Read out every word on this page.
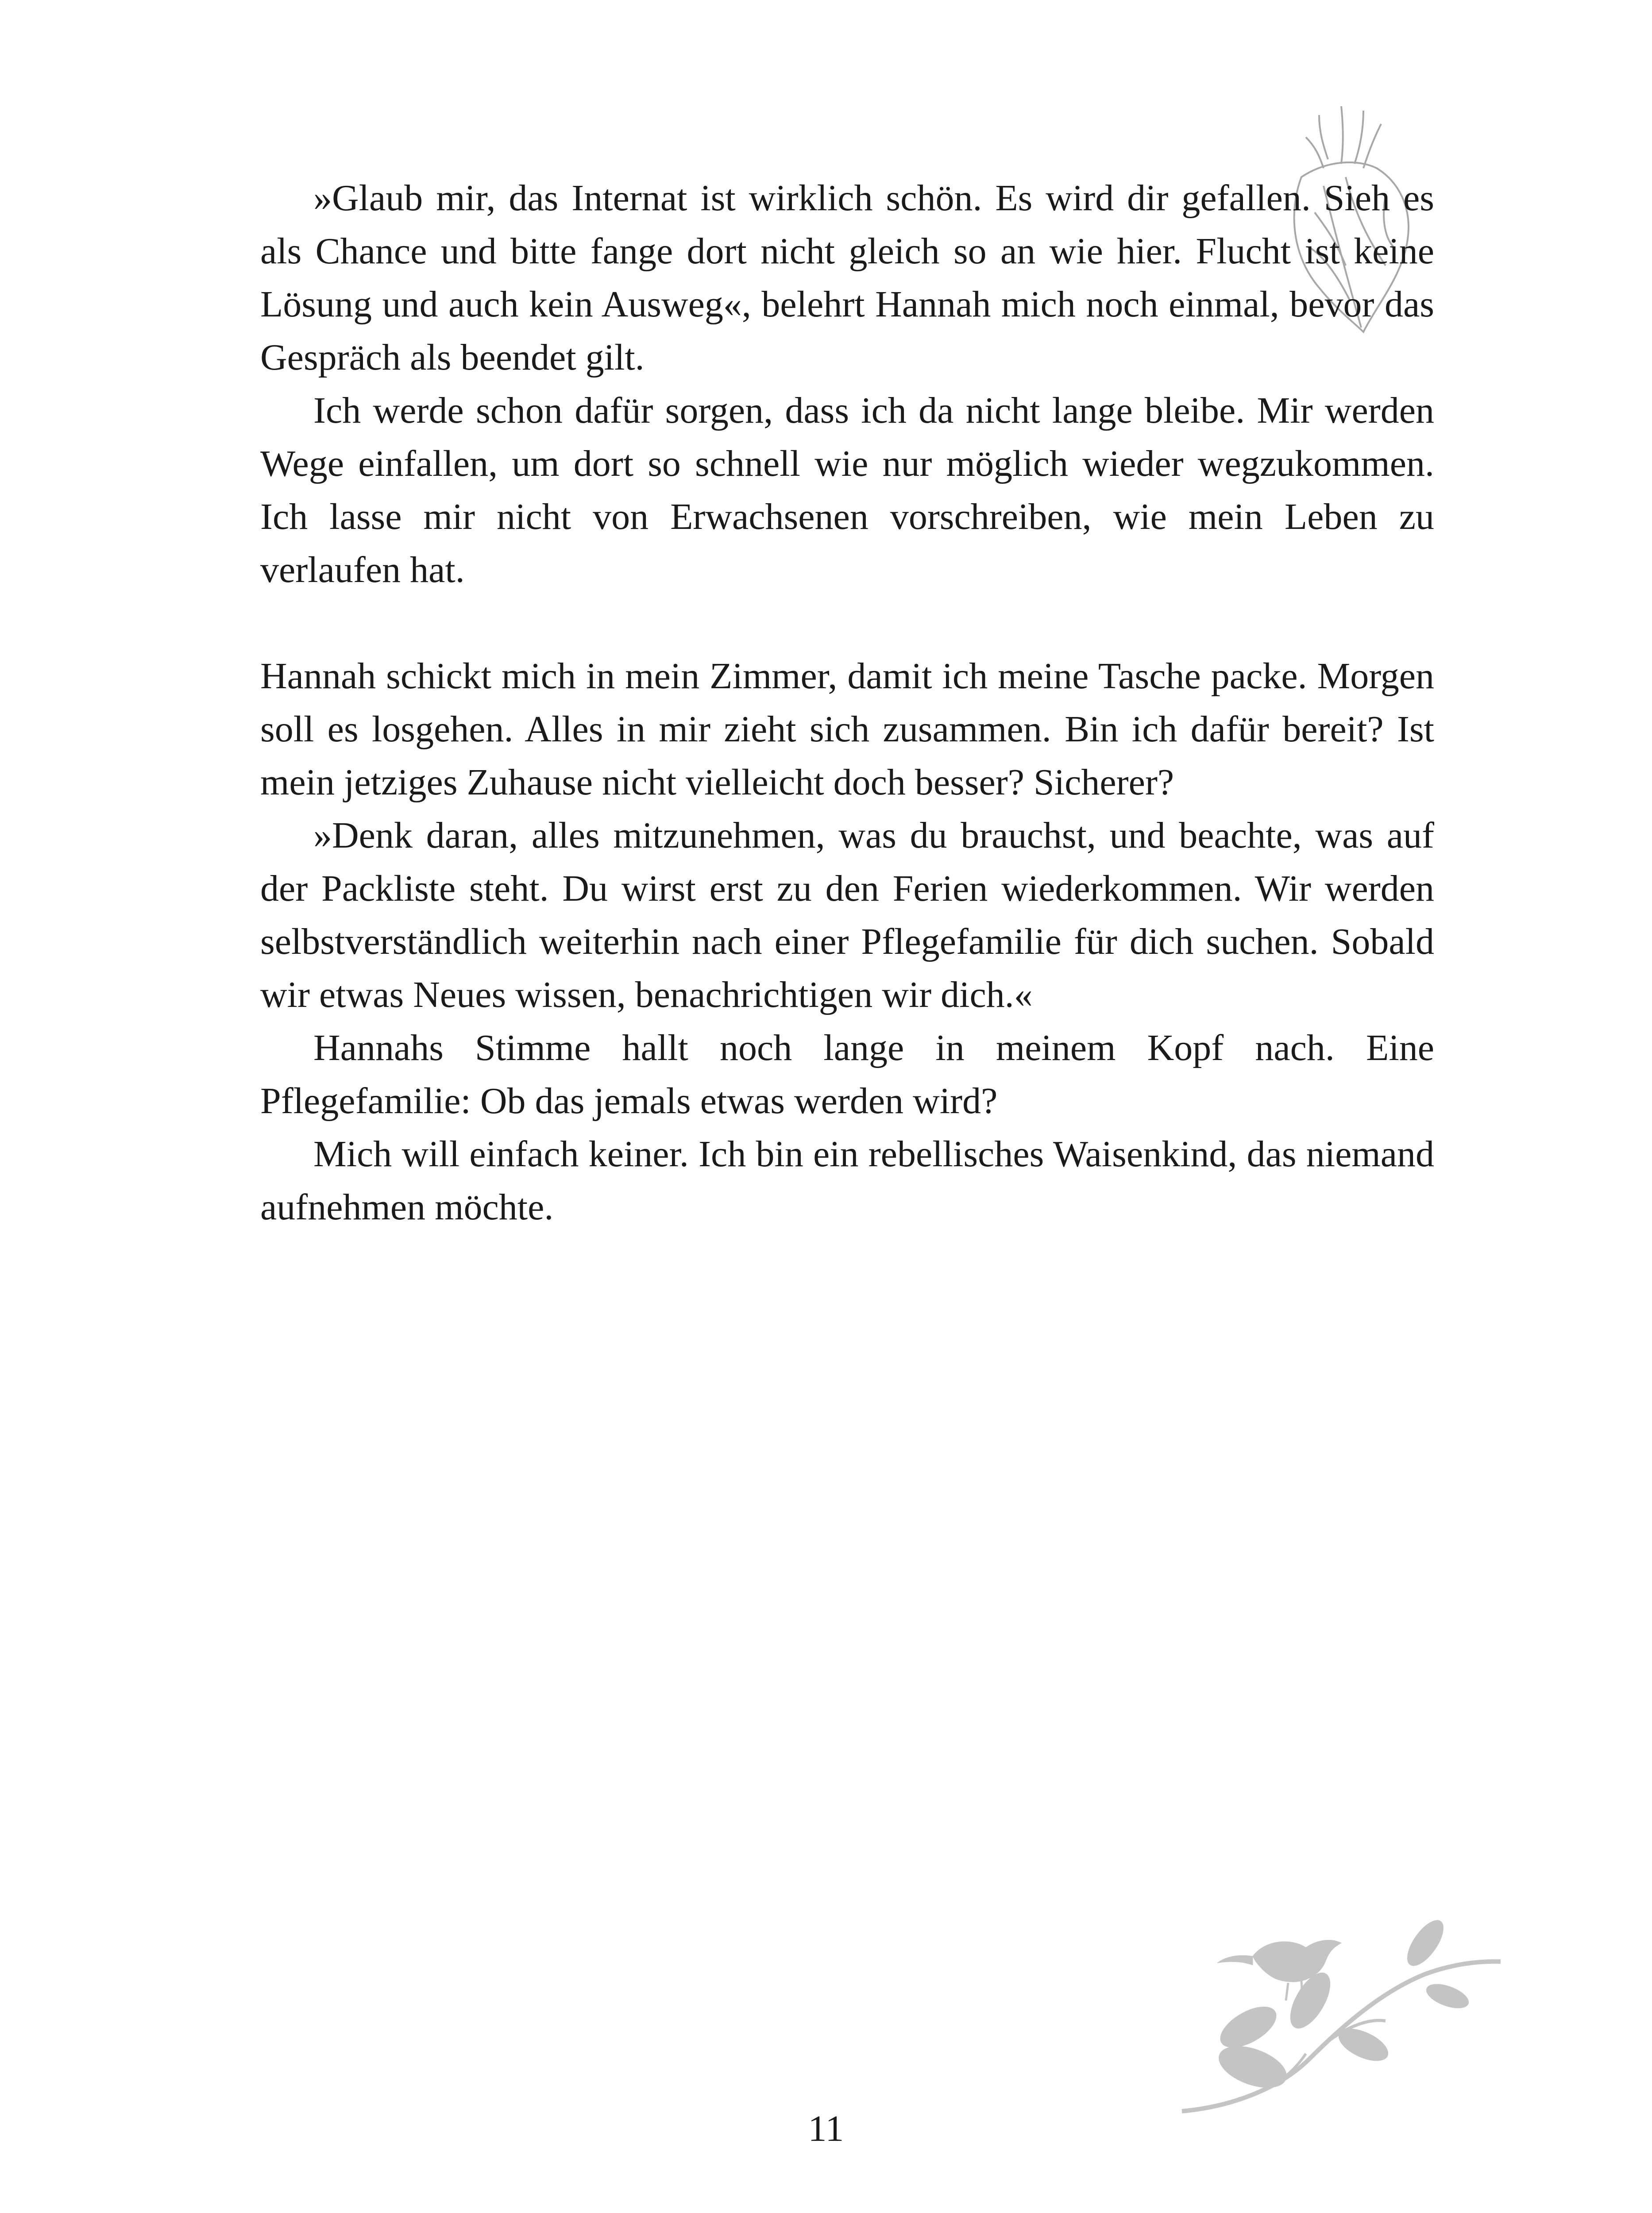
»Glaub mir, das Internat ist wirklich schön. Es wird dir gefallen. Sieh es als Chance und bitte fange dort nicht gleich so an wie hier. Flucht ist keine Lösung und auch kein Ausweg«, belehrt Hannah mich noch einmal, bevor das Gespräch als beendet gilt.

Ich werde schon dafür sorgen, dass ich da nicht lange bleibe. Mir werden Wege einfallen, um dort so schnell wie nur möglich wieder wegzukommen. Ich lasse mir nicht von Erwachsenen vorschreiben, wie mein Leben zu verlaufen hat.

Hannah schickt mich in mein Zimmer, damit ich meine Tasche packe. Morgen soll es losgehen. Alles in mir zieht sich zusammen. Bin ich dafür bereit? Ist mein jetziges Zuhause nicht vielleicht doch besser? Sicherer?

»Denk daran, alles mitzunehmen, was du brauchst, und beachte, was auf der Packliste steht. Du wirst erst zu den Ferien wiederkommen. Wir werden selbstverständlich weiterhin nach einer Pflegefamilie für dich suchen. Sobald wir etwas Neues wissen, benachrichtigen wir dich.«

Hannahs Stimme hallt noch lange in meinem Kopf nach. Eine Pflegefamilie: Ob das jemals etwas werden wird?

Mich will einfach keiner. Ich bin ein rebellisches Waisenkind, das niemand aufnehmen möchte.

11
